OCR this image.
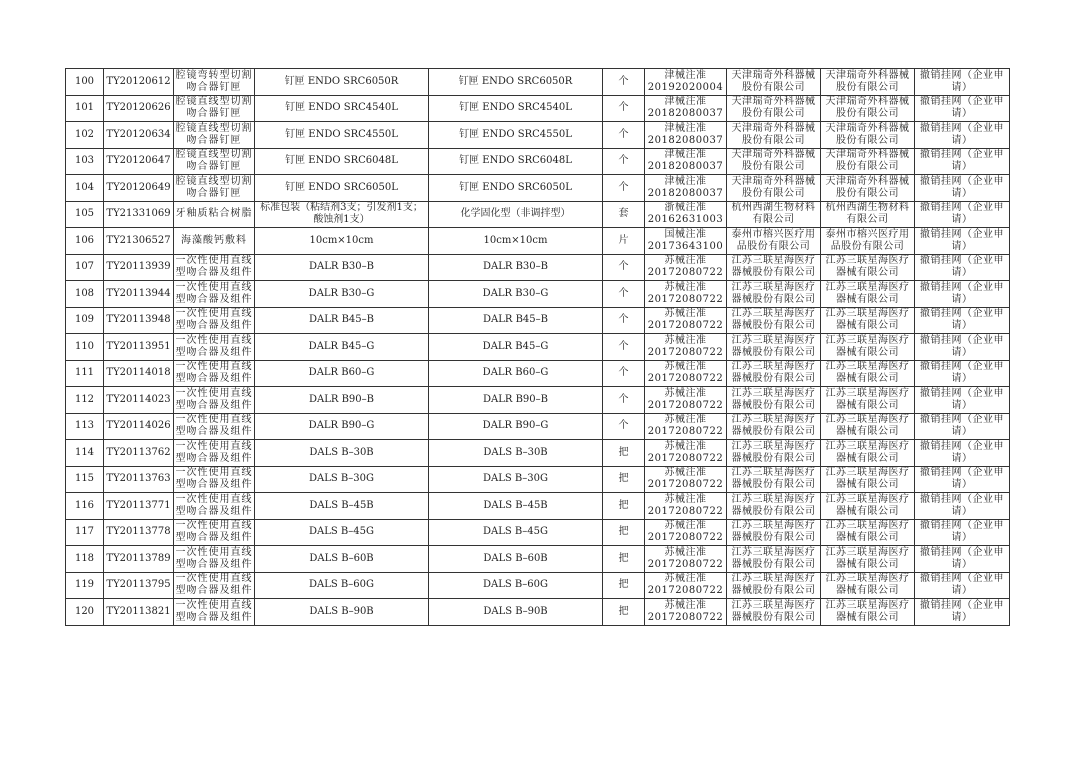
100	TY20120612	腔镜弯转型切割吻合器钉匣	钉匣 ENDO SRC6050R	钉匣 ENDO SRC6050R	个	津械注准20192020004	天津瑞奇外科器械股份有限公司	天津瑞奇外科器械股份有限公司	撤销挂网（企业申请）
101	TY20120626	腔镜直线型切割吻合器钉匣	钉匣 ENDO SRC4540L	钉匣 ENDO SRC4540L	个	津械注准20182080037	天津瑞奇外科器械股份有限公司	天津瑞奇外科器械股份有限公司	撤销挂网（企业申请）
102	TY20120634	腔镜直线型切割吻合器钉匣	钉匣 ENDO SRC4550L	钉匣 ENDO SRC4550L	个	津械注准20182080037	天津瑞奇外科器械股份有限公司	天津瑞奇外科器械股份有限公司	撤销挂网（企业申请）
103	TY20120647	腔镜直线型切割吻合器钉匣	钉匣 ENDO SRC6048L	钉匣 ENDO SRC6048L	个	津械注准20182080037	天津瑞奇外科器械股份有限公司	天津瑞奇外科器械股份有限公司	撤销挂网（企业申请）
104	TY20120649	腔镜直线型切割吻合器钉匣	钉匣 ENDO SRC6050L	钉匣 ENDO SRC6050L	个	津械注准20182080037	天津瑞奇外科器械股份有限公司	天津瑞奇外科器械股份有限公司	撤销挂网（企业申请）
105	TY21331069	牙釉质粘合树脂	标准包装（粘结剂3支；引发剂1支；酸蚀剂1支）	化学固化型（非调拌型）	套	浙械注准20162631003	杭州西湖生物材料有限公司	杭州西湖生物材料有限公司	撤销挂网（企业申请）
106	TY21306527	海藻酸钙敷料	10cm×10cm	10cm×10cm	片	国械注准20173643100	泰州市榕兴医疗用品股份有限公司	泰州市榕兴医疗用品股份有限公司	撤销挂网（企业申请）
107	TY20113939	一次性使用直线型吻合器及组件	DALR B30–B	DALR B30–B	个	苏械注准20172080722	江苏三联星海医疗器械股份有限公司	江苏三联星海医疗器械有限公司	撤销挂网（企业申请）
108	TY20113944	一次性使用直线型吻合器及组件	DALR B30–G	DALR B30–G	个	苏械注准20172080722	江苏三联星海医疗器械股份有限公司	江苏三联星海医疗器械有限公司	撤销挂网（企业申请）
109	TY20113948	一次性使用直线型吻合器及组件	DALR B45–B	DALR B45–B	个	苏械注准20172080722	江苏三联星海医疗器械股份有限公司	江苏三联星海医疗器械有限公司	撤销挂网（企业申请）
110	TY20113951	一次性使用直线型吻合器及组件	DALR B45–G	DALR B45–G	个	苏械注准20172080722	江苏三联星海医疗器械股份有限公司	江苏三联星海医疗器械有限公司	撤销挂网（企业申请）
111	TY20114018	一次性使用直线型吻合器及组件	DALR B60–G	DALR B60–G	个	苏械注准20172080722	江苏三联星海医疗器械股份有限公司	江苏三联星海医疗器械有限公司	撤销挂网（企业申请）
112	TY20114023	一次性使用直线型吻合器及组件	DALR B90–B	DALR B90–B	个	苏械注准20172080722	江苏三联星海医疗器械股份有限公司	江苏三联星海医疗器械有限公司	撤销挂网（企业申请）
113	TY20114026	一次性使用直线型吻合器及组件	DALR B90–G	DALR B90–G	个	苏械注准20172080722	江苏三联星海医疗器械股份有限公司	江苏三联星海医疗器械有限公司	撤销挂网（企业申请）
114	TY20113762	一次性使用直线型吻合器及组件	DALS B–30B	DALS B–30B	把	苏械注准20172080722	江苏三联星海医疗器械股份有限公司	江苏三联星海医疗器械有限公司	撤销挂网（企业申请）
115	TY20113763	一次性使用直线型吻合器及组件	DALS B–30G	DALS B–30G	把	苏械注准20172080722	江苏三联星海医疗器械股份有限公司	江苏三联星海医疗器械有限公司	撤销挂网（企业申请）
116	TY20113771	一次性使用直线型吻合器及组件	DALS B–45B	DALS B–45B	把	苏械注准20172080722	江苏三联星海医疗器械股份有限公司	江苏三联星海医疗器械有限公司	撤销挂网（企业申请）
117	TY20113778	一次性使用直线型吻合器及组件	DALS B–45G	DALS B–45G	把	苏械注准20172080722	江苏三联星海医疗器械股份有限公司	江苏三联星海医疗器械有限公司	撤销挂网（企业申请）
118	TY20113789	一次性使用直线型吻合器及组件	DALS B–60B	DALS B–60B	把	苏械注准20172080722	江苏三联星海医疗器械股份有限公司	江苏三联星海医疗器械有限公司	撤销挂网（企业申请）
119	TY20113795	一次性使用直线型吻合器及组件	DALS B–60G	DALS B–60G	把	苏械注准20172080722	江苏三联星海医疗器械股份有限公司	江苏三联星海医疗器械有限公司	撤销挂网（企业申请）
120	TY20113821	一次性使用直线型吻合器及组件	DALS B–90B	DALS B–90B	把	苏械注准20172080722	江苏三联星海医疗器械股份有限公司	江苏三联星海医疗器械有限公司	撤销挂网（企业申请）
